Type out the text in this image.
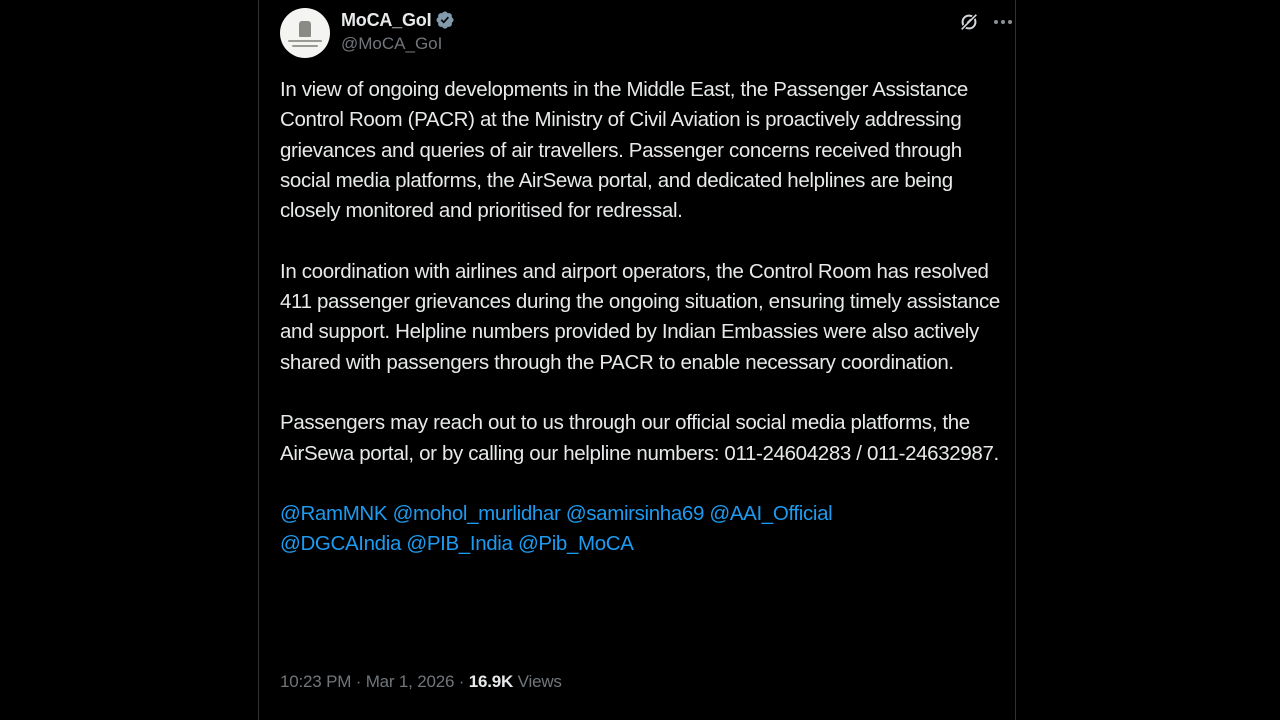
MoCA_GoI
@MoCA_GoI

In view of ongoing developments in the Middle East, the Passenger Assistance Control Room (PACR) at the Ministry of Civil Aviation is proactively addressing grievances and queries of air travellers. Passenger concerns received through social media platforms, the AirSewa portal, and dedicated helplines are being closely monitored and prioritised for redressal.

In coordination with airlines and airport operators, the Control Room has resolved 411 passenger grievances during the ongoing situation, ensuring timely assistance and support. Helpline numbers provided by Indian Embassies were also actively shared with passengers through the PACR to enable necessary coordination.

Passengers may reach out to us through our official social media platforms, the AirSewa portal, or by calling our helpline numbers: 011-24604283 / 011-24632987.

@RamMNK @mohol_murlidhar @samirsinha69 @AAI_Official
@DGCAIndia @PIB_India @Pib_MoCA
10:23 PM · Mar 1, 2026 · 16.9K Views
